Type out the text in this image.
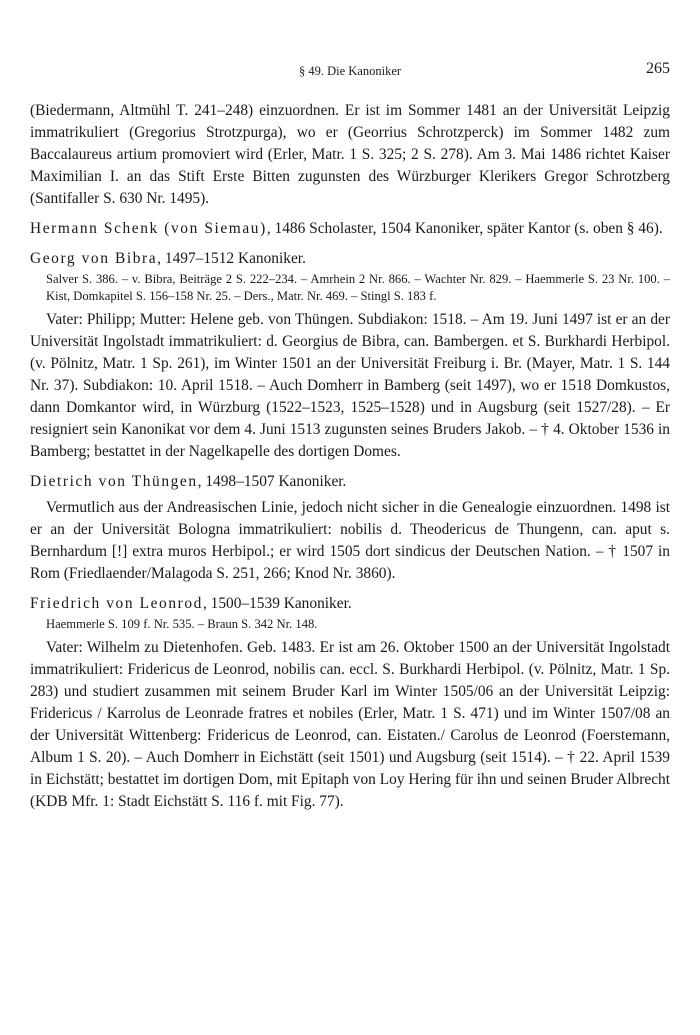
§ 49. Die Kanoniker	265

(Biedermann, Altmühl T. 241–248) einzuordnen. Er ist im Sommer 1481 an der Universität Leipzig immatrikuliert (Gregorius Strotzpurga), wo er (Georrius Schrotzperck) im Sommer 1482 zum Baccalaureus artium promoviert wird (Erler, Matr. 1 S. 325; 2 S. 278). Am 3. Mai 1486 richtet Kaiser Maximilian I. an das Stift Erste Bitten zugunsten des Würzburger Klerikers Gregor Schrotzberg (Santifaller S. 630 Nr. 1495).

Hermann Schenk (von Siemau), 1486 Scholaster, 1504 Kanoniker, später Kantor (s. oben § 46).

Georg von Bibra, 1497–1512 Kanoniker.

Salver S. 386. – v. Bibra, Beiträge 2 S. 222–234. – Amrhein 2 Nr. 866. – Wachter Nr. 829. – Haemmerle S. 23 Nr. 100. – Kist, Domkapitel S. 156–158 Nr. 25. – Ders., Matr. Nr. 469. – Stingl S. 183 f.

Vater: Philipp; Mutter: Helene geb. von Thüngen. Subdiakon: 1518. – Am 19. Juni 1497 ist er an der Universität Ingolstadt immatrikuliert: d. Georgius de Bibra, can. Bambergen. et S. Burkhardi Herbipol. (v. Pölnitz, Matr. 1 Sp. 261), im Winter 1501 an der Universität Freiburg i. Br. (Mayer, Matr. 1 S. 144 Nr. 37). Subdiakon: 10. April 1518. – Auch Domherr in Bamberg (seit 1497), wo er 1518 Domkustos, dann Domkantor wird, in Würzburg (1522–1523, 1525–1528) und in Augsburg (seit 1527/28). – Er resigniert sein Kanonikat vor dem 4. Juni 1513 zugunsten seines Bruders Jakob. – † 4. Oktober 1536 in Bamberg; bestattet in der Nagelkapelle des dortigen Domes.

Dietrich von Thüngen, 1498–1507 Kanoniker.

Vermutlich aus der Andreasischen Linie, jedoch nicht sicher in die Genealogie einzuordnen. 1498 ist er an der Universität Bologna immatrikuliert: nobilis d. Theodericus de Thungenn, can. aput s. Bernhardum [!] extra muros Herbipol.; er wird 1505 dort sindicus der Deutschen Nation. – † 1507 in Rom (Friedlaender/Malagoda S. 251, 266; Knod Nr. 3860).

Friedrich von Leonrod, 1500–1539 Kanoniker.

Haemmerle S. 109 f. Nr. 535. – Braun S. 342 Nr. 148.

Vater: Wilhelm zu Dietenhofen. Geb. 1483. Er ist am 26. Oktober 1500 an der Universität Ingolstadt immatrikuliert: Fridericus de Leonrod, nobilis can. eccl. S. Burkhardi Herbipol. (v. Pölnitz, Matr. 1 Sp. 283) und studiert zusammen mit seinem Bruder Karl im Winter 1505/06 an der Universität Leipzig: Fridericus / Karrolus de Leonrade fratres et nobiles (Erler, Matr. 1 S. 471) und im Winter 1507/08 an der Universität Wittenberg: Fridericus de Leonrod, can. Eistaten./ Carolus de Leonrod (Foerstemann, Album 1 S. 20). – Auch Domherr in Eichstätt (seit 1501) und Augsburg (seit 1514). – † 22. April 1539 in Eichstätt; bestattet im dortigen Dom, mit Epitaph von Loy Hering für ihn und seinen Bruder Albrecht (KDB Mfr. 1: Stadt Eichstätt S. 116 f. mit Fig. 77).
